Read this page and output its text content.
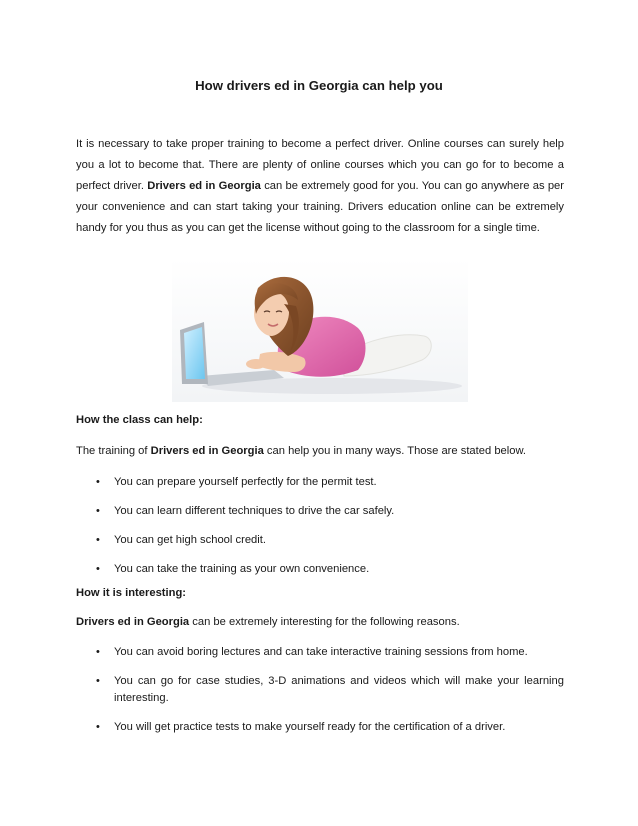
How drivers ed in Georgia can help you

It is necessary to take proper training to become a perfect driver. Online courses can surely help you a lot to become that. There are plenty of online courses which you can go for to become a perfect driver. Drivers ed in Georgia can be extremely good for you. You can go anywhere as per your convenience and can start taking your training. Drivers education online can be extremely handy for you thus as you can get the license without going to the classroom for a single time.

How the class can help:

The training of Drivers ed in Georgia can help you in many ways. Those are stated below.

• You can prepare yourself perfectly for the permit test.
• You can learn different techniques to drive the car safely.
• You can get high school credit.
• You can take the training as your own convenience.

How it is interesting:

Drivers ed in Georgia can be extremely interesting for the following reasons.

• You can avoid boring lectures and can take interactive training sessions from home.
• You can go for case studies, 3-D animations and videos which will make your learning interesting.
• You will get practice tests to make yourself ready for the certification of a driver.
